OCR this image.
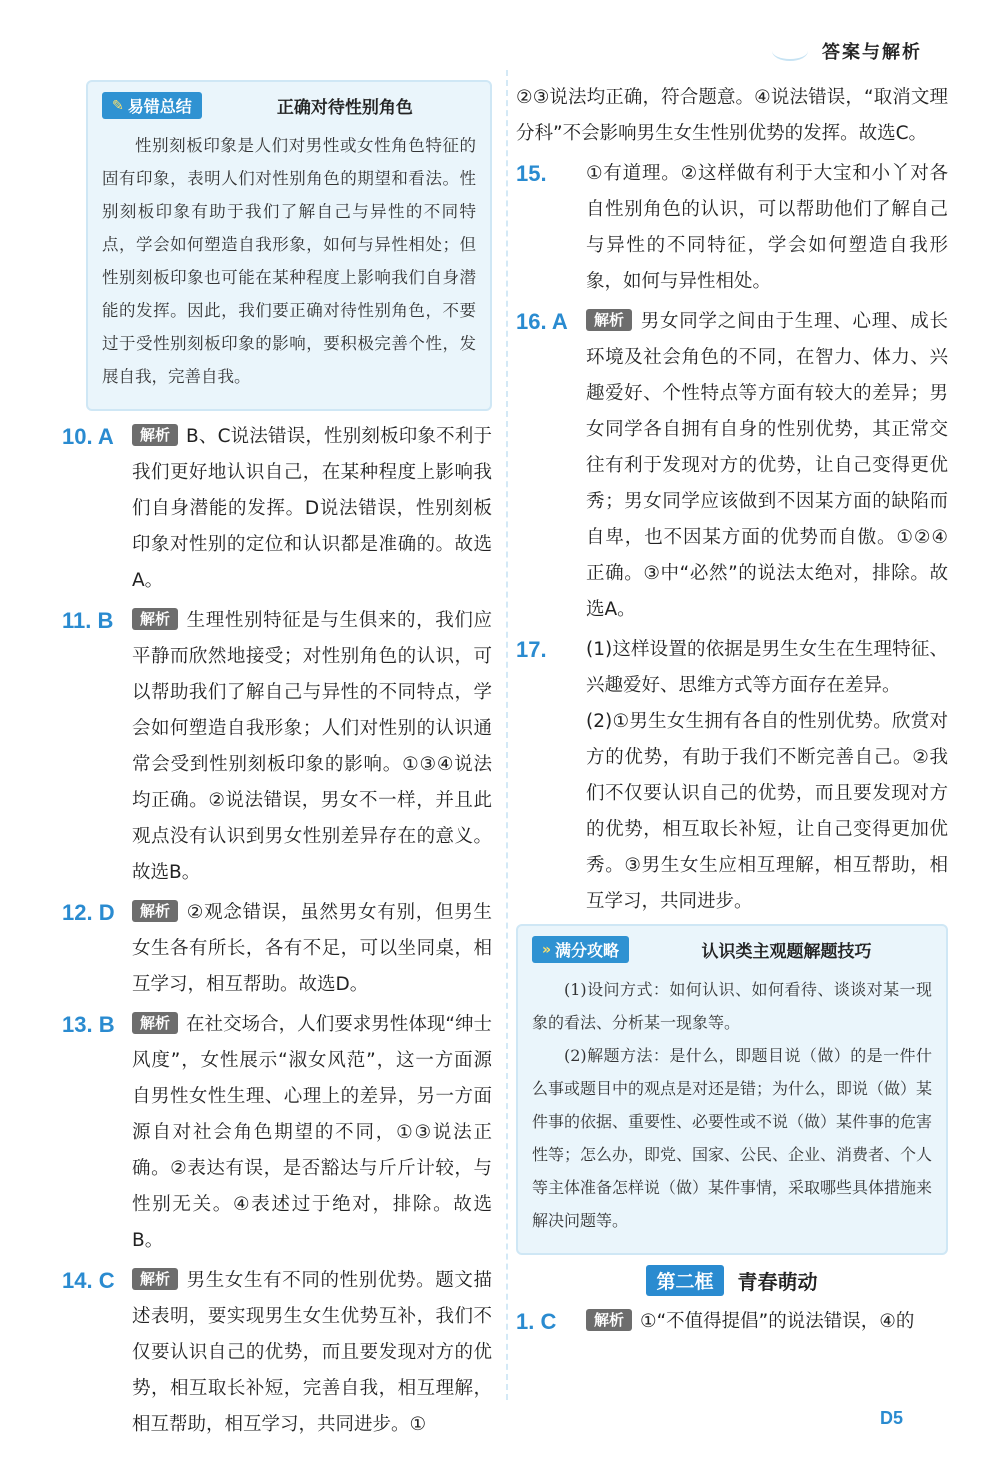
答案与解析
✎ 易错总结	正确对待性别角色
性别刻板印象是人们对男性或女性角色特征的固有印象，表明人们对性别角色的期望和看法。性别刻板印象有助于我们了解自己与异性的不同特点，学会如何塑造自我形象，如何与异性相处；但性别刻板印象也可能在某种程度上影响我们自身潜能的发挥。因此，我们要正确对待性别角色，不要过于受性别刻板印象的影响，要积极完善个性，发展自我，完善自我。
10. A	解析 B、C说法错误，性别刻板印象不利于我们更好地认识自己，在某种程度上影响我们自身潜能的发挥。D说法错误，性别刻板印象对性别的定位和认识都是准确的。故选A。
11. B	解析 生理性别特征是与生俱来的，我们应平静而欣然地接受；对性别角色的认识，可以帮助我们了解自己与异性的不同特点，学会如何塑造自我形象；人们对性别的认识通常会受到性别刻板印象的影响。①③④说法均正确。②说法错误，男女不一样，并且此观点没有认识到男女性别差异存在的意义。故选B。
12. D	解析 ②观念错误，虽然男女有别，但男生女生各有所长，各有不足，可以坐同桌，相互学习，相互帮助。故选D。
13. B	解析 在社交场合，人们要求男性体现“绅士风度”，女性展示“淑女风范”，这一方面源自男性女性生理、心理上的差异，另一方面源自对社会角色期望的不同，①③说法正确。②表达有误，是否豁达与斤斤计较，与性别无关。④表述过于绝对，排除。故选B。
14. C	解析 男生女生有不同的性别优势。题文描述表明，要实现男生女生优势互补，我们不仅要认识自己的优势，而且要发现对方的优势，相互取长补短，完善自我，相互理解，相互帮助，相互学习，共同进步。①
②③说法均正确，符合题意。④说法错误，“取消文理分科”不会影响男生女生性别优势的发挥。故选C。
15.	①有道理。②这样做有利于大宝和小丫对各自性别角色的认识，可以帮助他们了解自己与异性的不同特征，学会如何塑造自我形象，如何与异性相处。
16. A	解析 男女同学之间由于生理、心理、成长环境及社会角色的不同，在智力、体力、兴趣爱好、个性特点等方面有较大的差异；男女同学各自拥有自身的性别优势，其正常交往有利于发现对方的优势，让自己变得更优秀；男女同学应该做到不因某方面的缺陷而自卑，也不因某方面的优势而自傲。①②④正确。③中“必然”的说法太绝对，排除。故选A。
17.	(1)这样设置的依据是男生女生在生理特征、兴趣爱好、思维方式等方面存在差异。
(2)①男生女生拥有各自的性别优势。欣赏对方的优势，有助于我们不断完善自己。②我们不仅要认识自己的优势，而且要发现对方的优势，相互取长补短，让自己变得更加优秀。③男生女生应相互理解，相互帮助，相互学习，共同进步。
» 满分攻略	认识类主观题解题技巧
(1)设问方式：如何认识、如何看待、谈谈对某一现象的看法、分析某一现象等。
(2)解题方法：是什么，即题目说（做）的是一件什么事或题目中的观点是对还是错；为什么，即说（做）某件事的依据、重要性、必要性或不说（做）某件事的危害性等；怎么办，即党、国家、公民、企业、消费者、个人等主体准备怎样说（做）某件事情，采取哪些具体措施来解决问题等。
第二框	青春萌动
1. C	解析 ①“不值得提倡”的说法错误，④的
D5
